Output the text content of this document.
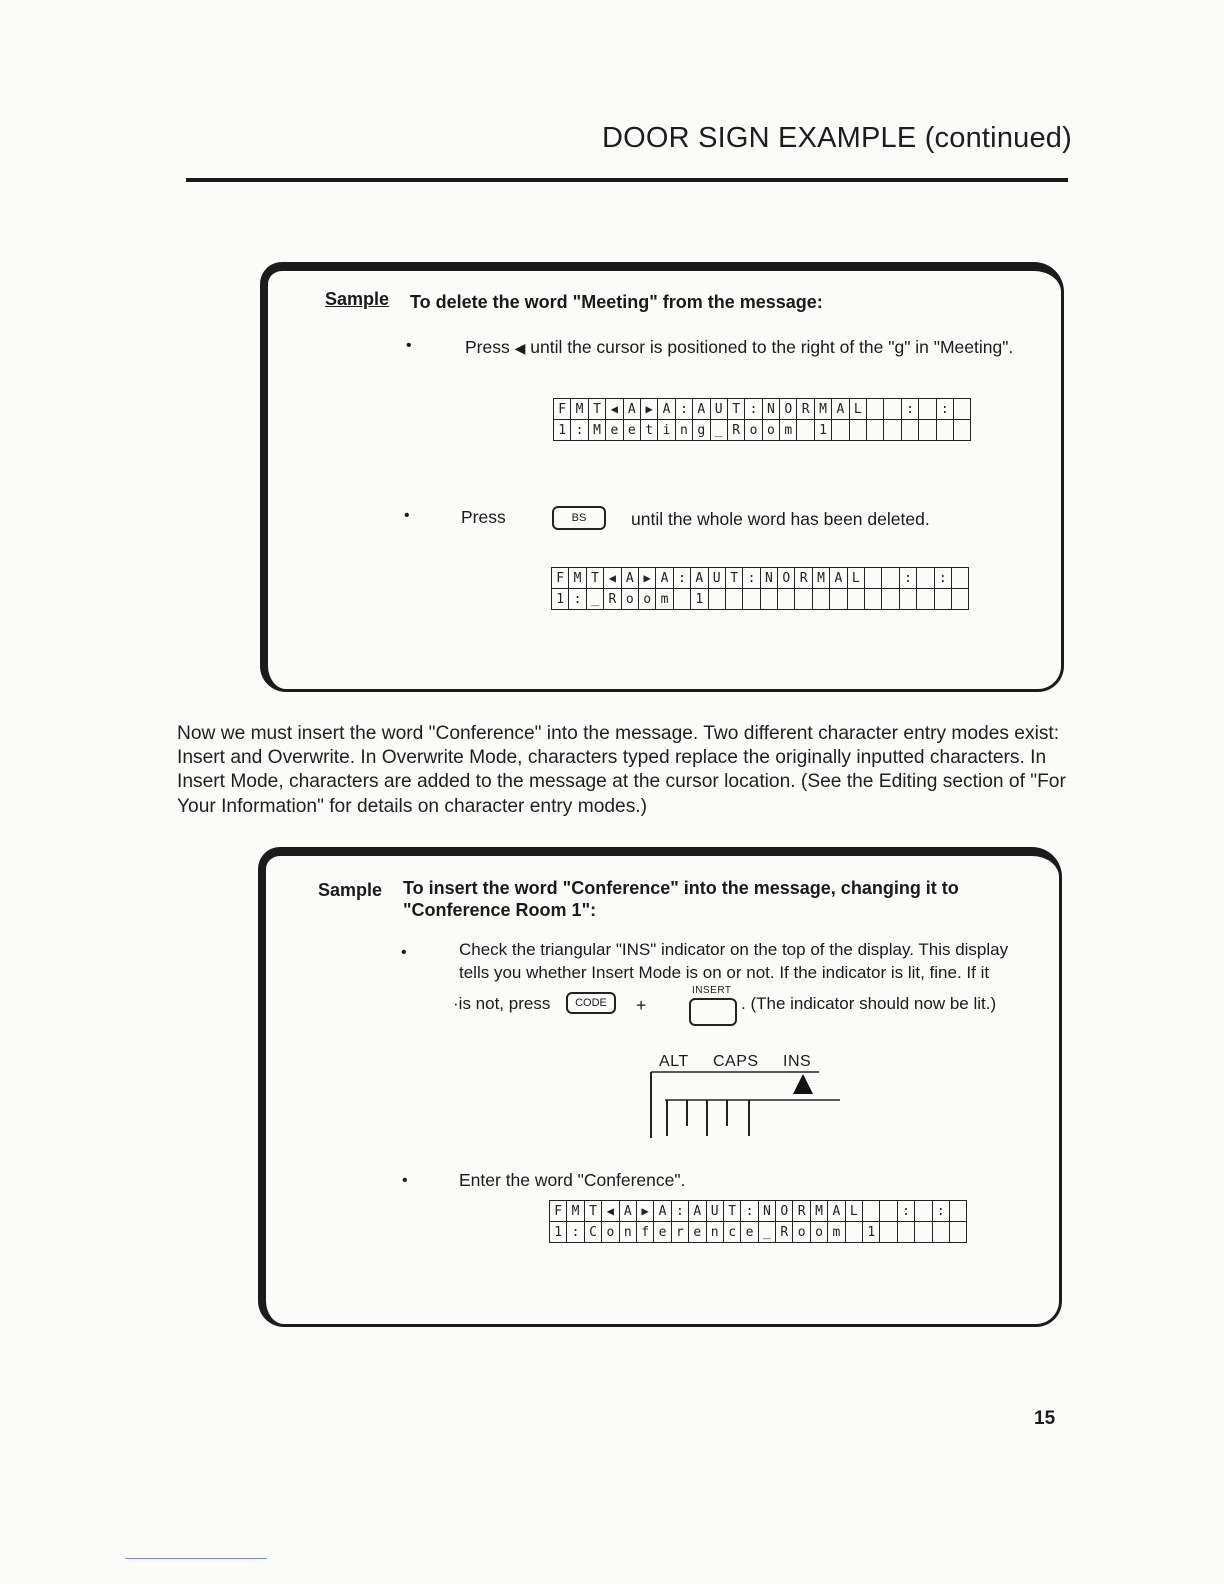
DOOR SIGN EXAMPLE (continued)
Sample To delete the word "Meeting" from the message:
•	Press ◀ until the cursor is positioned to the right of the "g" in "Meeting".
F	M	T	◀	A	▶	A	:	A	U	T	:	N	O	R	M	A	L			:		:	
1	:	M	e	e	t	i	n	g	_	R	o	o	m		1								
•	Press	BS	until the whole word has been deleted.
F	M	T	◀	A	▶	A	:	A	U	T	:	N	O	R	M	A	L			:		:	
1	:	_	R	o	o	m		1															
Now we must insert the word "Conference" into the message. Two different character entry modes exist: Insert and Overwrite. In Overwrite Mode, characters typed replace the originally inputted characters. In Insert Mode, characters are added to the message at the cursor location. (See the Editing section of "For Your Information" for details on character entry modes.)
Sample To insert the word "Conference" into the message, changing it to
"Conference Room 1":
•	Check the triangular "INS" indicator on the top of the display. This display
tells you whether Insert Mode is on or not. If the indicator is lit, fine. If it
·is not, press	CODE	+
INSERT
. (The indicator should now be lit.)
ALT CAPS INS
•	Enter the word "Conference".
F	M	T	◀	A	▶	A	:	A	U	T	:	N	O	R	M	A	L			:		:	
1	:	C	o	n	f	e	r	e	n	c	e	_	R	o	o	m		1					
15
